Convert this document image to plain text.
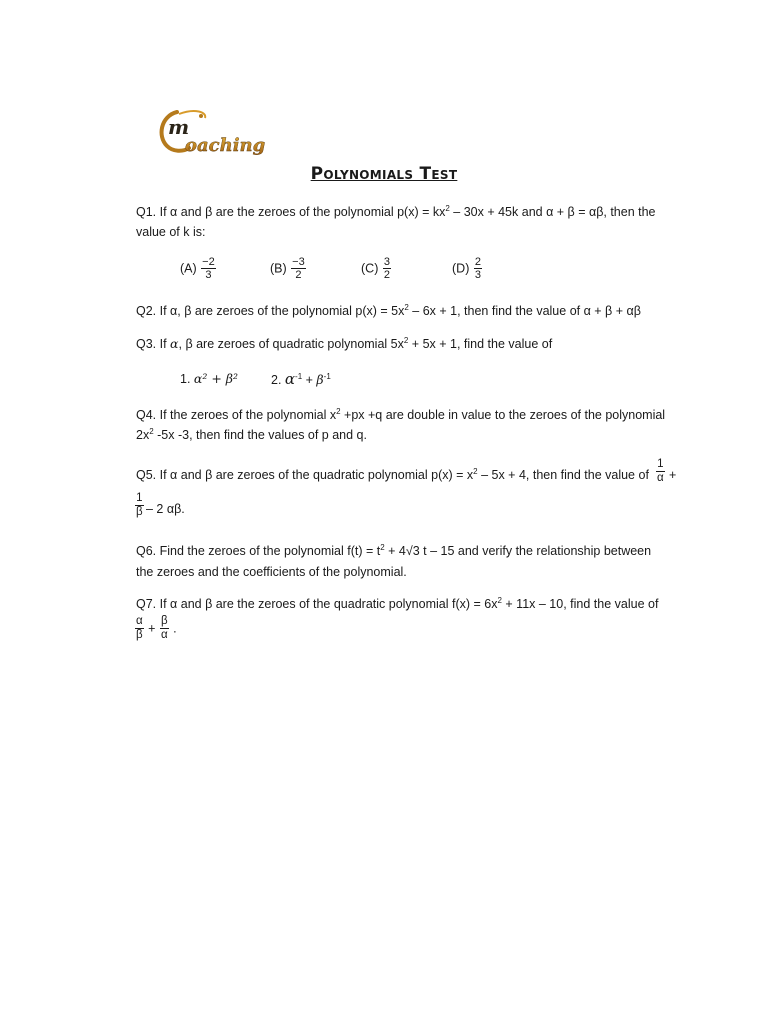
m
oaching
Polynomials Test
Q1. If α and β are the zeroes of the polynomial $p(x) = kx^2 - 30x + 45k$ and α + β = αβ, then the
value of k is:
$(A) \frac{-2}{3}$	$(B) \frac{-3}{2}$	$(C) \frac{3}{2}$	$(D) \frac{2}{3}$
Q2. If α, β are zeroes of the polynomial $p(x) = 5x^2 - 6x + 1$, then find the value of α + β + αβ
Q3. If α, β are zeroes of quadratic polynomial $5x^2 + 5x + 1$, find the value of
1. α² + β²	2. $\alpha^{-1} + \beta^{-1}$
Q4. If the zeroes of the polynomial $x^2 +px +q$ are double in value to the zeroes of the polynomial
$2x^2$ -5x -3, then find the values of p and q.
Q5. If α and β are zeroes of the quadratic polynomial $p(x) = x^2 - 5x + 4$, then find the value of $\frac{1}{\alpha}$ +
$\frac{1}{\beta} - 2$ αβ.
Q6. Find the zeroes of the polynomial $f(t) = t^2 + 4√3$ t – 15 and verify the relationship between
the zeroes and the coefficients of the polynomial.
Q7. If α and β are the zeroes of the quadratic polynomial $f(x) = 6x^2 + 11x - 10$, find the value of
$\frac{\alpha}{\beta} + \frac{\beta}{\alpha}$ .
